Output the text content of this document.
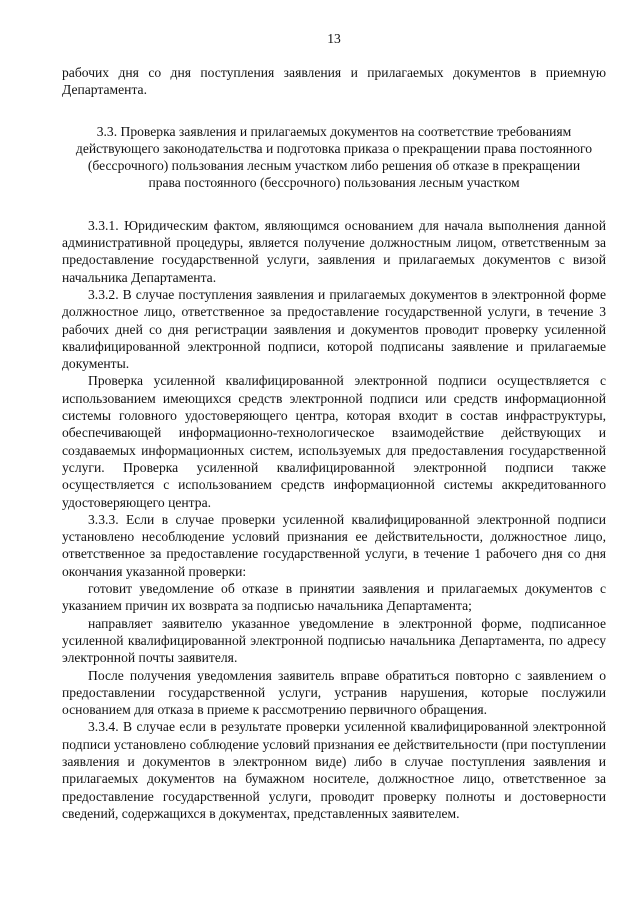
13

рабочих дня со дня поступления заявления и прилагаемых документов в приемную Департамента.

3.3. Проверка заявления и прилагаемых документов на соответствие требованиям действующего законодательства и подготовка приказа о прекращении права постоянного (бессрочного) пользования лесным участком либо решения об отказе в прекращении права постоянного (бессрочного) пользования лесным участком

3.3.1. Юридическим фактом, являющимся основанием для начала выполнения данной административной процедуры, является получение должностным лицом, ответственным за предоставление государственной услуги, заявления и прилагаемых документов с визой начальника Департамента.

3.3.2. В случае поступления заявления и прилагаемых документов в электронной форме должностное лицо, ответственное за предоставление государственной услуги, в течение 3 рабочих дней со дня регистрации заявления и документов проводит проверку усиленной квалифицированной электронной подписи, которой подписаны заявление и прилагаемые документы.

Проверка усиленной квалифицированной электронной подписи осуществляется с использованием имеющихся средств электронной подписи или средств информационной системы головного удостоверяющего центра, которая входит в состав инфраструктуры, обеспечивающей информационно-технологическое взаимодействие действующих и создаваемых информационных систем, используемых для предоставления государственной услуги. Проверка усиленной квалифицированной электронной подписи также осуществляется с использованием средств информационной системы аккредитованного удостоверяющего центра.

3.3.3. Если в случае проверки усиленной квалифицированной электронной подписи установлено несоблюдение условий признания ее действительности, должностное лицо, ответственное за предоставление государственной услуги, в течение 1 рабочего дня со дня окончания указанной проверки:

готовит уведомление об отказе в принятии заявления и прилагаемых документов с указанием причин их возврата за подписью начальника Департамента;

направляет заявителю указанное уведомление в электронной форме, подписанное усиленной квалифицированной электронной подписью начальника Департамента, по адресу электронной почты заявителя.

После получения уведомления заявитель вправе обратиться повторно с заявлением о предоставлении государственной услуги, устранив нарушения, которые послужили основанием для отказа в приеме к рассмотрению первичного обращения.

3.3.4. В случае если в результате проверки усиленной квалифицированной электронной подписи установлено соблюдение условий признания ее действительности (при поступлении заявления и документов в электронном виде) либо в случае поступления заявления и прилагаемых документов на бумажном носителе, должностное лицо, ответственное за предоставление государственной услуги, проводит проверку полноты и достоверности сведений, содержащихся в документах, представленных заявителем.
